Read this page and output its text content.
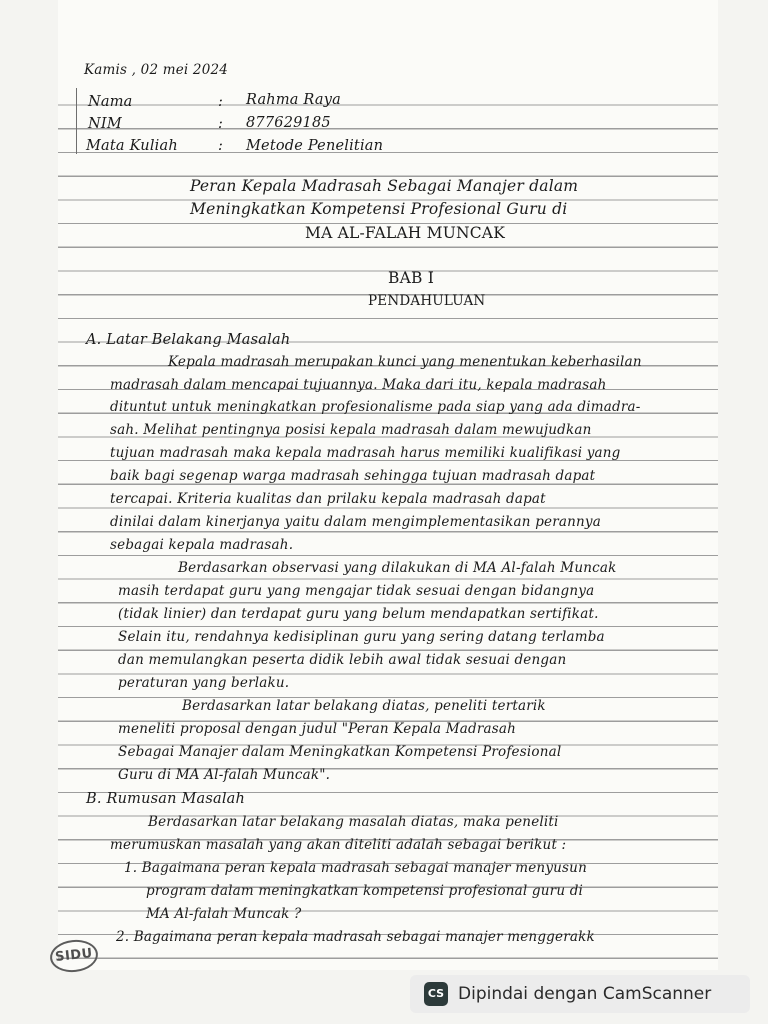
Kamis , 02 mei 2024
Nama	: Rahma Raya
NIM	: 877629185
Mata Kuliah	: Metode Penelitian
Peran Kepala Madrasah Sebagai Manajer dalam
Meningkatkan Kompetensi Profesional Guru di
MA AL-FALAH MUNCAK
BAB I
PENDAHULUAN
A. Latar Belakang Masalah
Kepala madrasah merupakan kunci yang menentukan keberhasilan
madrasah dalam mencapai tujuannya. Maka dari itu, kepala madrasah
dituntut untuk meningkatkan profesionalisme pada siap yang ada dimadra-
sah. Melihat pentingnya posisi kepala madrasah dalam mewujudkan
tujuan madrasah maka kepala madrasah harus memiliki kualifikasi yang
baik bagi segenap warga madrasah sehingga tujuan madrasah dapat
tercapai. Kriteria kualitas dan prilaku kepala madrasah dapat
dinilai dalam kinerjanya yaitu dalam mengimplementasikan perannya
sebagai kepala madrasah.
Berdasarkan observasi yang dilakukan di MA Al-falah Muncak
masih terdapat guru yang mengajar tidak sesuai dengan bidangnya
(tidak linier) dan terdapat guru yang belum mendapatkan sertifikat.
Selain itu, rendahnya kedisiplinan guru yang sering datang terlamba
dan memulangkan peserta didik lebih awal tidak sesuai dengan
peraturan yang berlaku.
Berdasarkan latar belakang diatas, peneliti tertarik
meneliti proposal dengan judul "Peran Kepala Madrasah
Sebagai Manajer dalam Meningkatkan Kompetensi Profesional
Guru di MA Al-falah Muncak".
B. Rumusan Masalah
Berdasarkan latar belakang masalah diatas, maka peneliti
merumuskan masalah yang akan diteliti adalah sebagai berikut :
1. Bagaimana peran kepala madrasah sebagai manajer menyusun
program dalam meningkatkan kompetensi profesional guru di
MA Al-falah Muncak ?
2. Bagaimana peran kepala madrasah sebagai manajer menggerakk
SIDU
CS Dipindai dengan CamScanner
